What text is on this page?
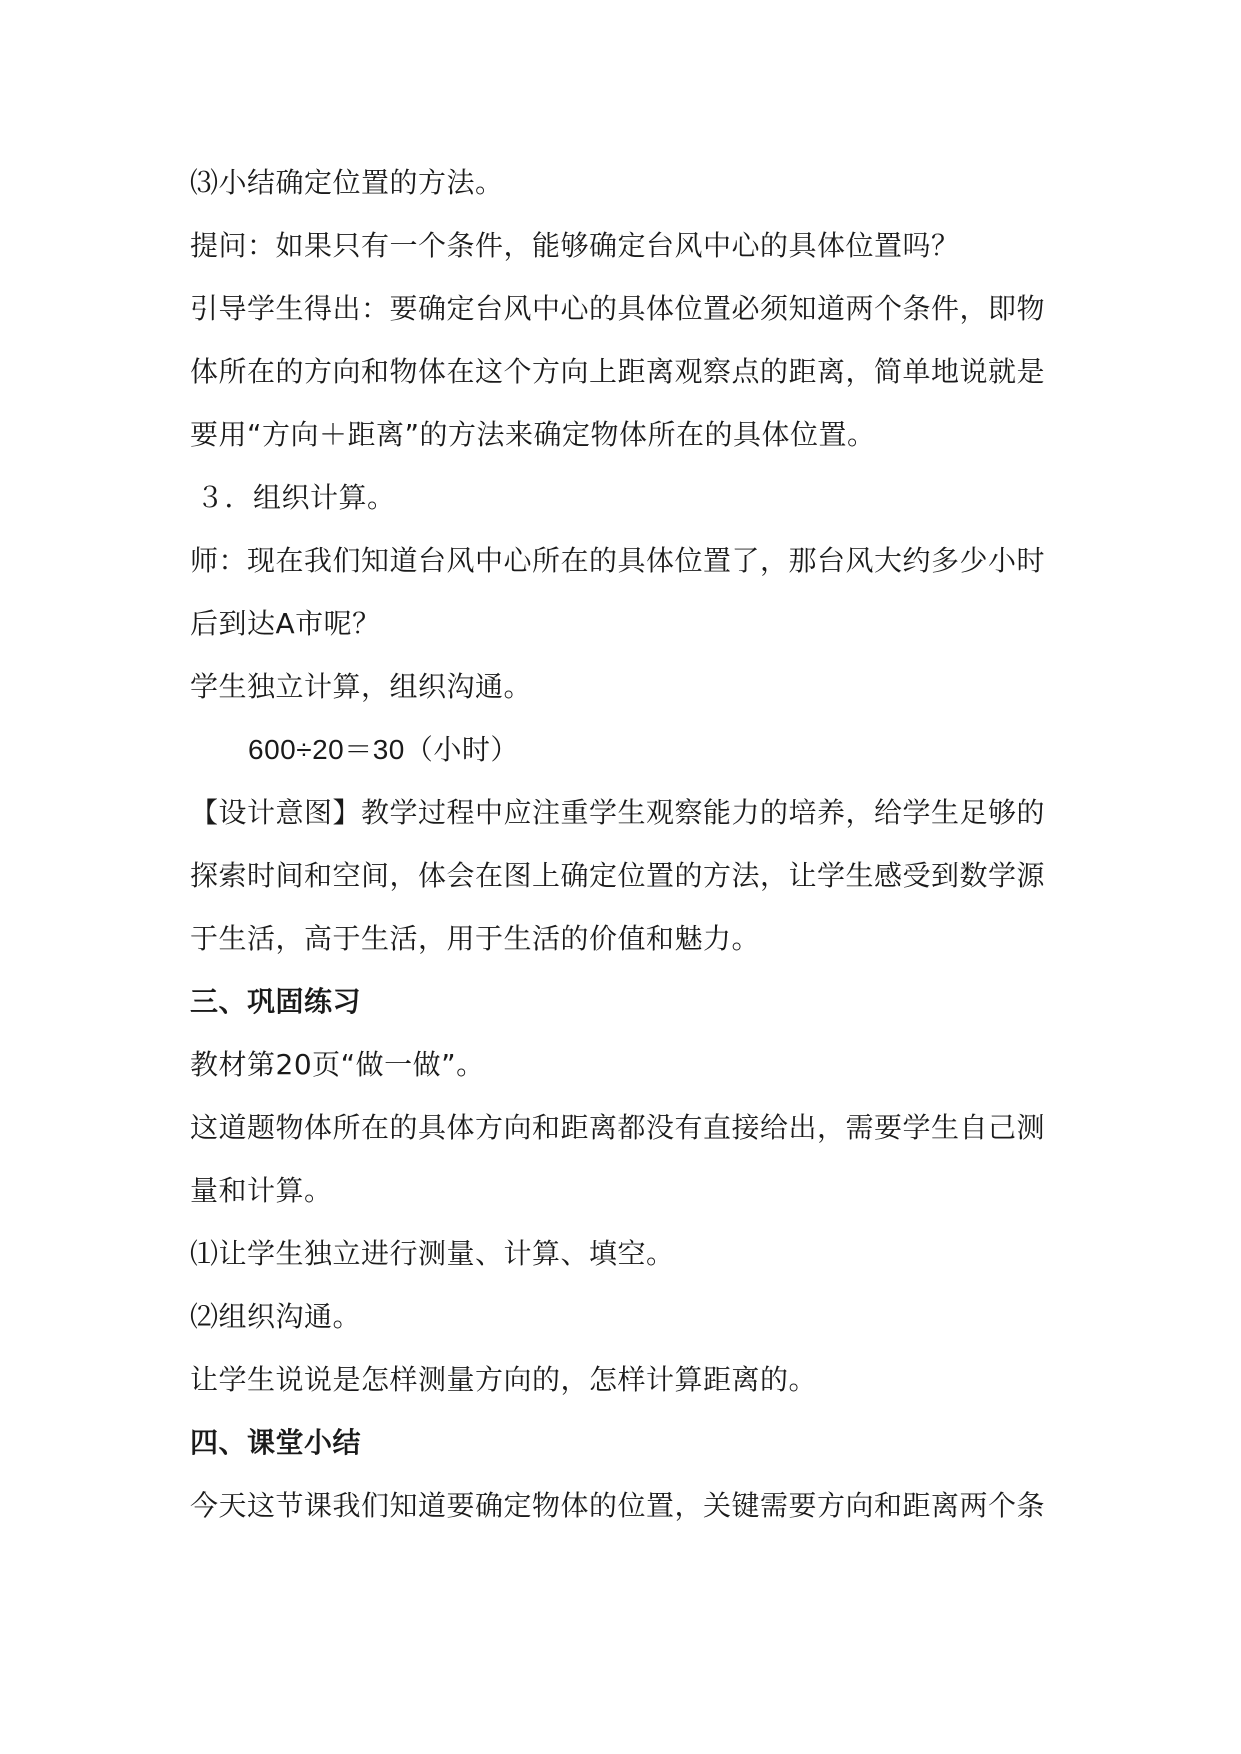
⑶小结确定位置的方法。
提问：如果只有一个条件，能够确定台风中心的具体位置吗？
引导学生得出：要确定台风中心的具体位置必须知道两个条件，即物
体所在的方向和物体在这个方向上距离观察点的距离，简单地说就是
要用“方向＋距离”的方法来确定物体所在的具体位置。
３．组织计算。
师：现在我们知道台风中心所在的具体位置了，那台风大约多少小时
后到达A市呢？
学生独立计算，组织沟通。
600÷20＝30（小时）
【设计意图】教学过程中应注重学生观察能力的培养，给学生足够的
探索时间和空间，体会在图上确定位置的方法，让学生感受到数学源
于生活，高于生活，用于生活的价值和魅力。
三、巩固练习
教材第20页“做一做”。
这道题物体所在的具体方向和距离都没有直接给出，需要学生自己测
量和计算。
⑴让学生独立进行测量、计算、填空。
⑵组织沟通。
让学生说说是怎样测量方向的，怎样计算距离的。
四、课堂小结
今天这节课我们知道要确定物体的位置，关键需要方向和距离两个条
